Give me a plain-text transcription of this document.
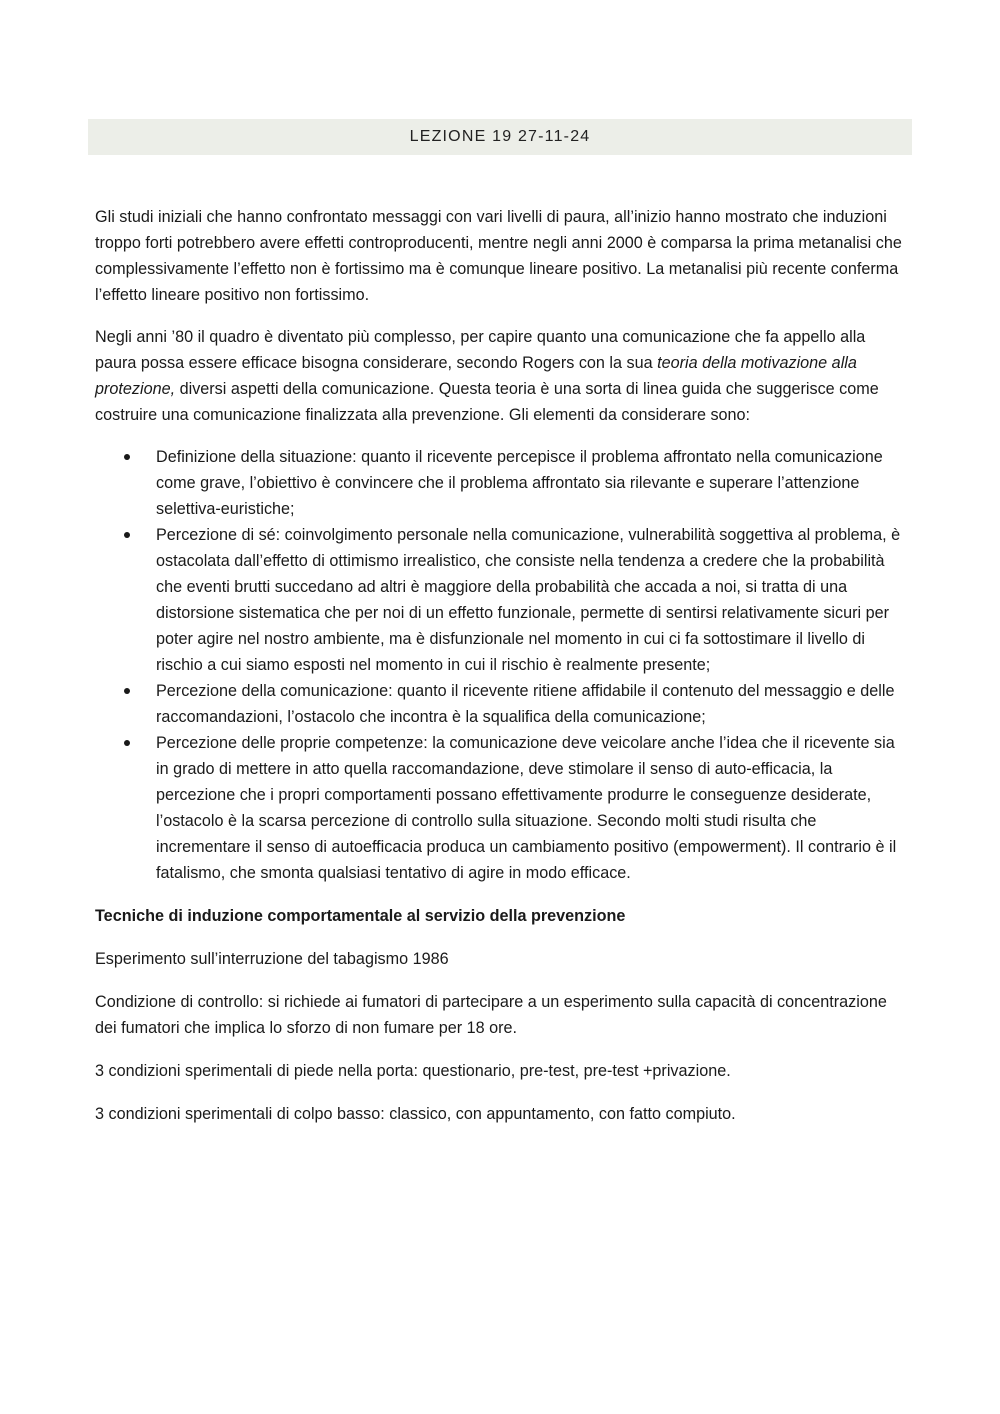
LEZIONE 19 27-11-24

Gli studi iniziali che hanno confrontato messaggi con vari livelli di paura, all’inizio hanno mostrato che induzioni troppo forti potrebbero avere effetti controproducenti, mentre negli anni 2000 è comparsa la prima metanalisi che complessivamente l’effetto non è fortissimo ma è comunque lineare positivo. La metanalisi più recente conferma l’effetto lineare positivo non fortissimo.

Negli anni ’80 il quadro è diventato più complesso, per capire quanto una comunicazione che fa appello alla paura possa essere efficace bisogna considerare, secondo Rogers con la sua teoria della motivazione alla protezione, diversi aspetti della comunicazione. Questa teoria è una sorta di linea guida che suggerisce come costruire una comunicazione finalizzata alla prevenzione. Gli elementi da considerare sono:

Definizione della situazione: quanto il ricevente percepisce il problema affrontato nella comunicazione come grave, l’obiettivo è convincere che il problema affrontato sia rilevante e superare l’attenzione selettiva-euristiche;
Percezione di sé: coinvolgimento personale nella comunicazione, vulnerabilità soggettiva al problema, è ostacolata dall’effetto di ottimismo irrealistico, che consiste nella tendenza a credere che la probabilità che eventi brutti succedano ad altri è maggiore della probabilità che accada a noi, si tratta di una distorsione sistematica che per noi di un effetto funzionale, permette di sentirsi relativamente sicuri per poter agire nel nostro ambiente, ma è disfunzionale nel momento in cui ci fa sottostimare il livello di rischio a cui siamo esposti nel momento in cui il rischio è realmente presente;
Percezione della comunicazione: quanto il ricevente ritiene affidabile il contenuto del messaggio e delle raccomandazioni, l’ostacolo che incontra è la squalifica della comunicazione;
Percezione delle proprie competenze: la comunicazione deve veicolare anche l’idea che il ricevente sia in grado di mettere in atto quella raccomandazione, deve stimolare il senso di auto-efficacia, la percezione che i propri comportamenti possano effettivamente produrre le conseguenze desiderate, l’ostacolo è la scarsa percezione di controllo sulla situazione. Secondo molti studi risulta che incrementare il senso di autoefficacia produca un cambiamento positivo (empowerment). Il contrario è il fatalismo, che smonta qualsiasi tentativo di agire in modo efficace.

Tecniche di induzione comportamentale al servizio della prevenzione

Esperimento sull’interruzione del tabagismo 1986

Condizione di controllo: si richiede ai fumatori di partecipare a un esperimento sulla capacità di concentrazione dei fumatori che implica lo sforzo di non fumare per 18 ore.

3 condizioni sperimentali di piede nella porta: questionario, pre-test, pre-test +privazione.

3 condizioni sperimentali di colpo basso: classico, con appuntamento, con fatto compiuto.
